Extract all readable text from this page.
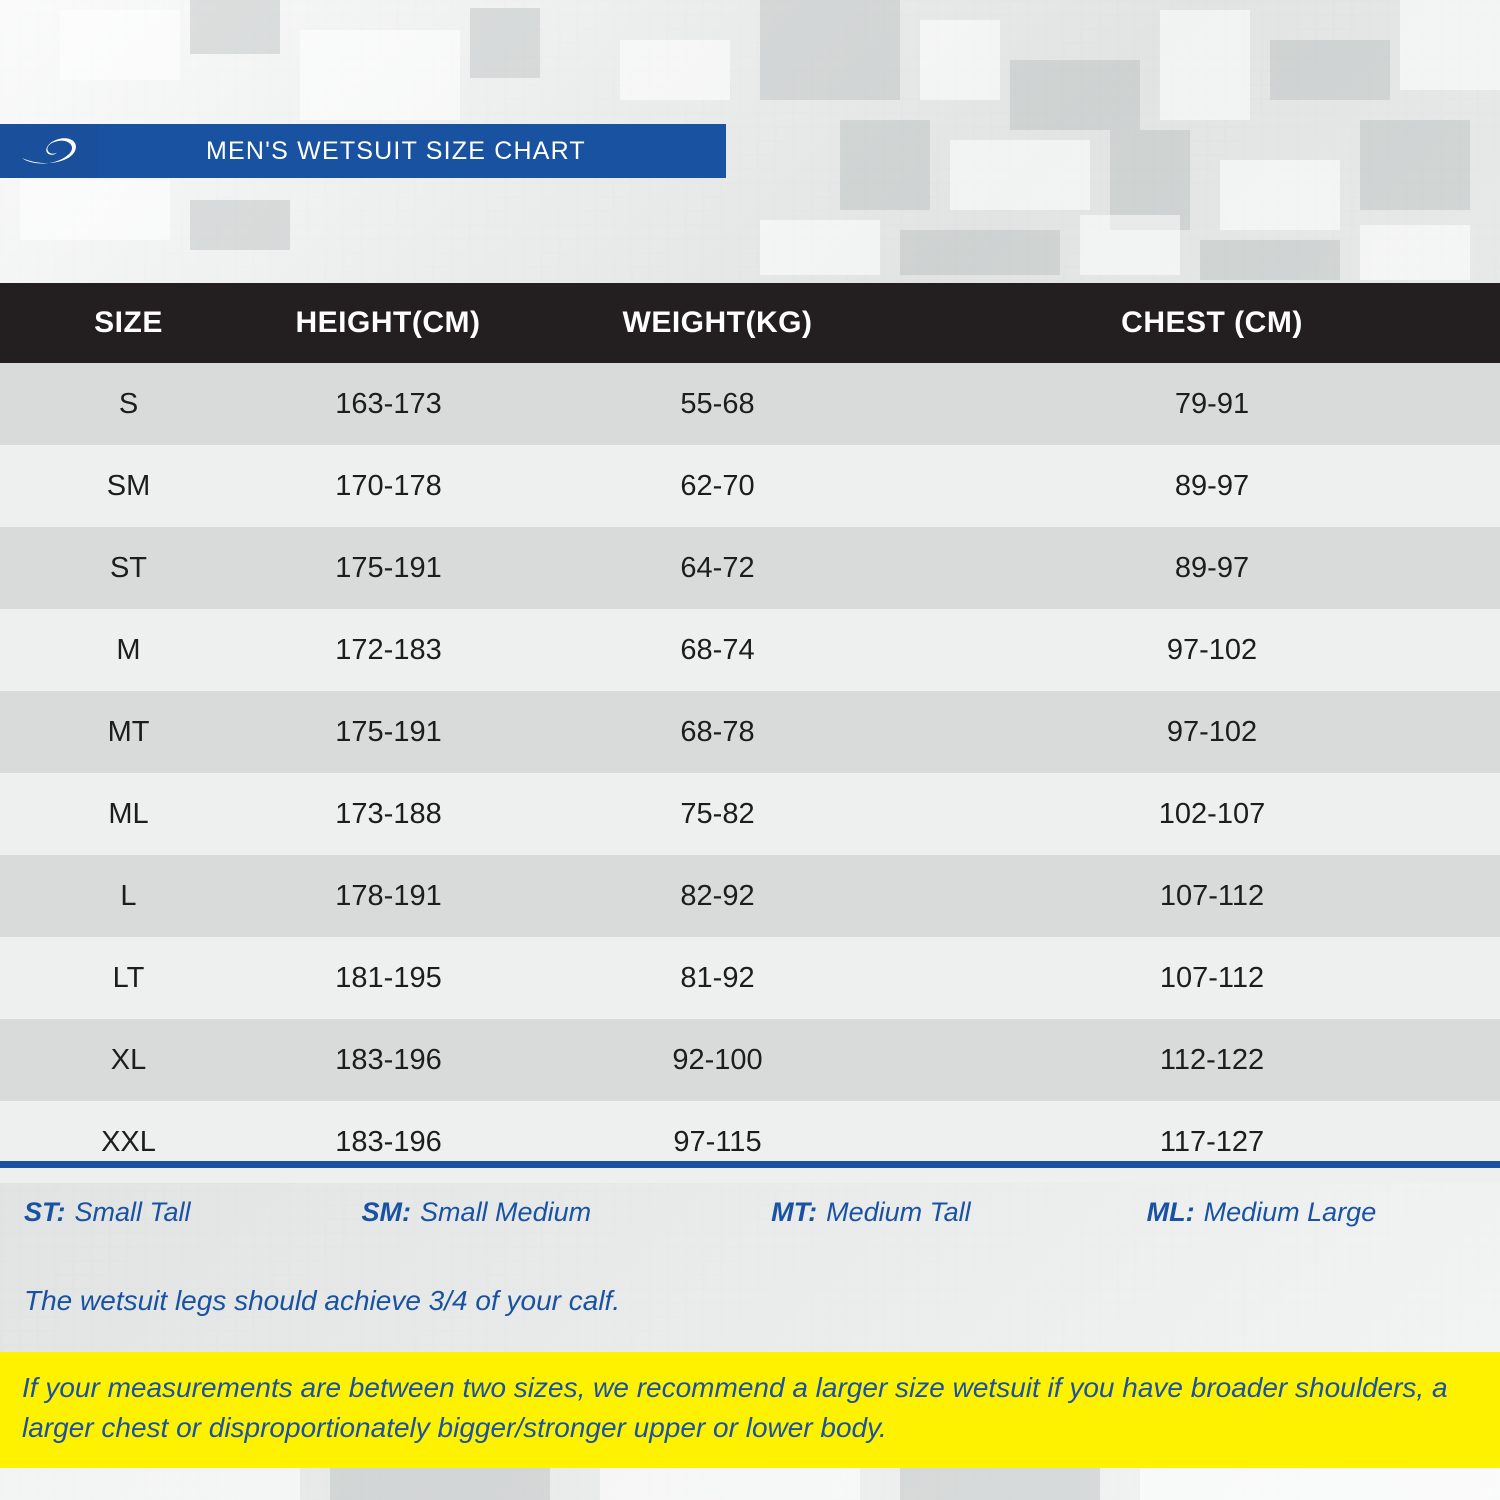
MEN'S WETSUIT SIZE CHART
SIZE	HEIGHT(CM)	WEIGHT(KG)	CHEST (CM)
S	163-173	55-68	79-91
SM	170-178	62-70	89-97
ST	175-191	64-72	89-97
M	172-183	68-74	97-102
MT	175-191	68-78	97-102
ML	173-188	75-82	102-107
L	178-191	82-92	107-112
LT	181-195	81-92	107-112
XL	183-196	92-100	112-122
XXL	183-196	97-115	117-127
ST: Small Tall	SM: Small Medium	MT: Medium Tall	ML: Medium Large
The wetsuit legs should achieve 3/4 of your calf.

If your measurements are between two sizes, we recommend a larger size wetsuit if you have broader shoulders, a larger chest or disproportionately bigger/stronger upper or lower body.
